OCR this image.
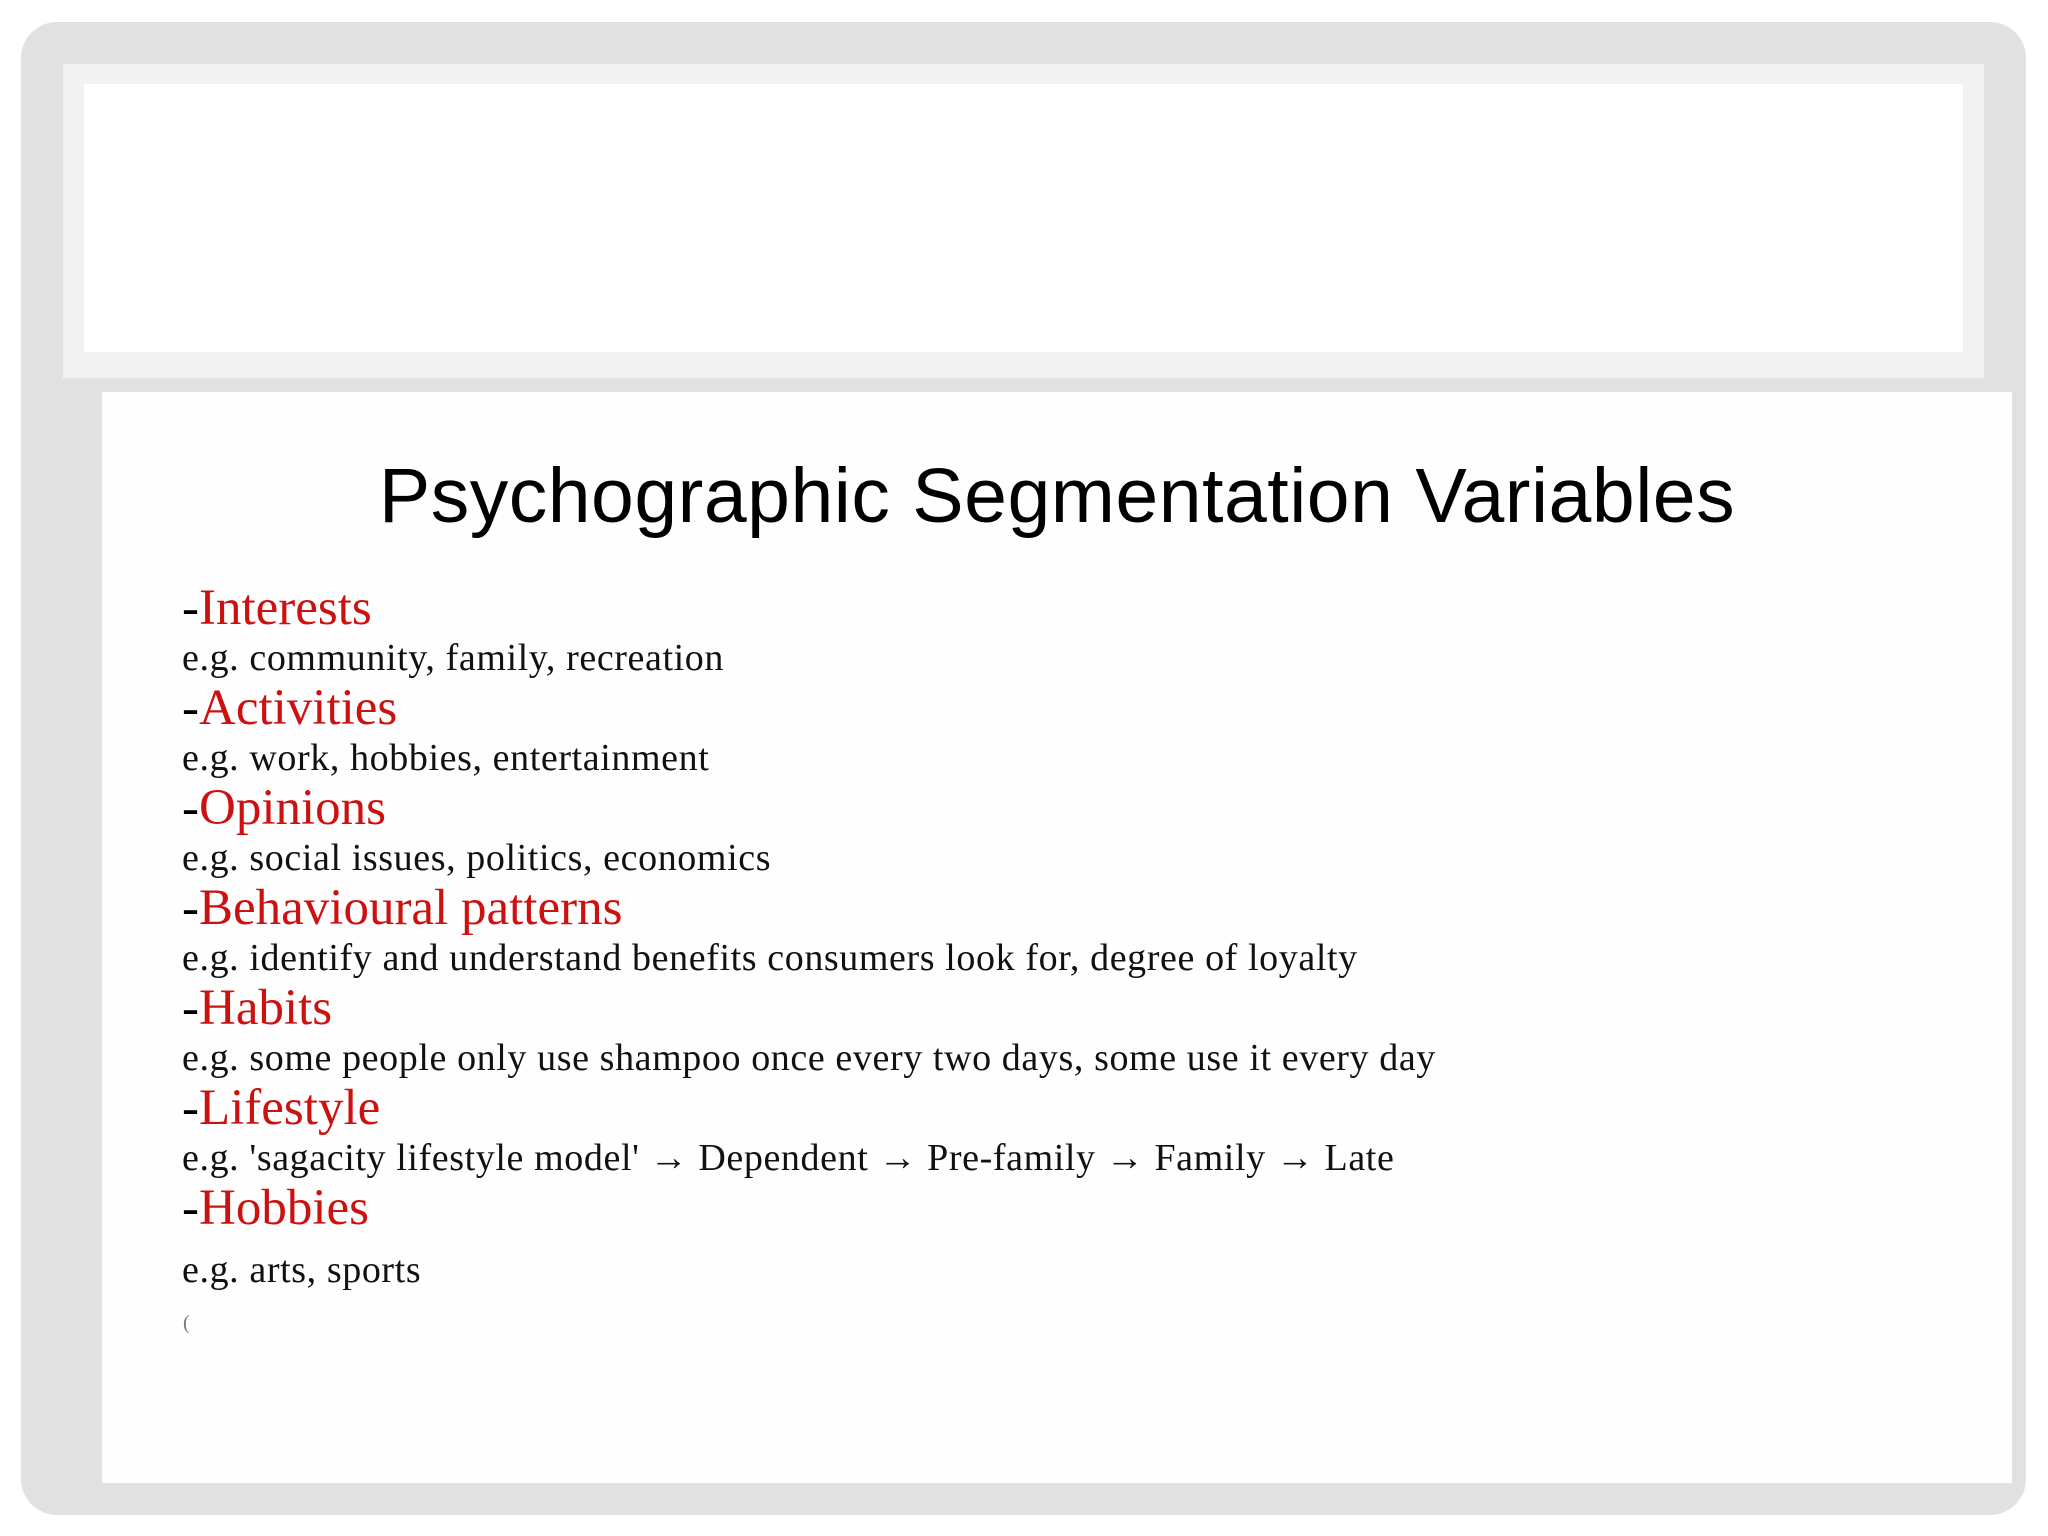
Psychographic Segmentation Variables
-Interests
e.g. community, family, recreation
-Activities
e.g. work, hobbies, entertainment
-Opinions
e.g. social issues, politics, economics
-Behavioural patterns
e.g. identify and understand benefits consumers look for, degree of loyalty
-Habits
e.g. some people only use shampoo once every two days, some use it every day
-Lifestyle
e.g. 'sagacity lifestyle model' → Dependent → Pre-family → Family → Late
-Hobbies
e.g. arts, sports
(
